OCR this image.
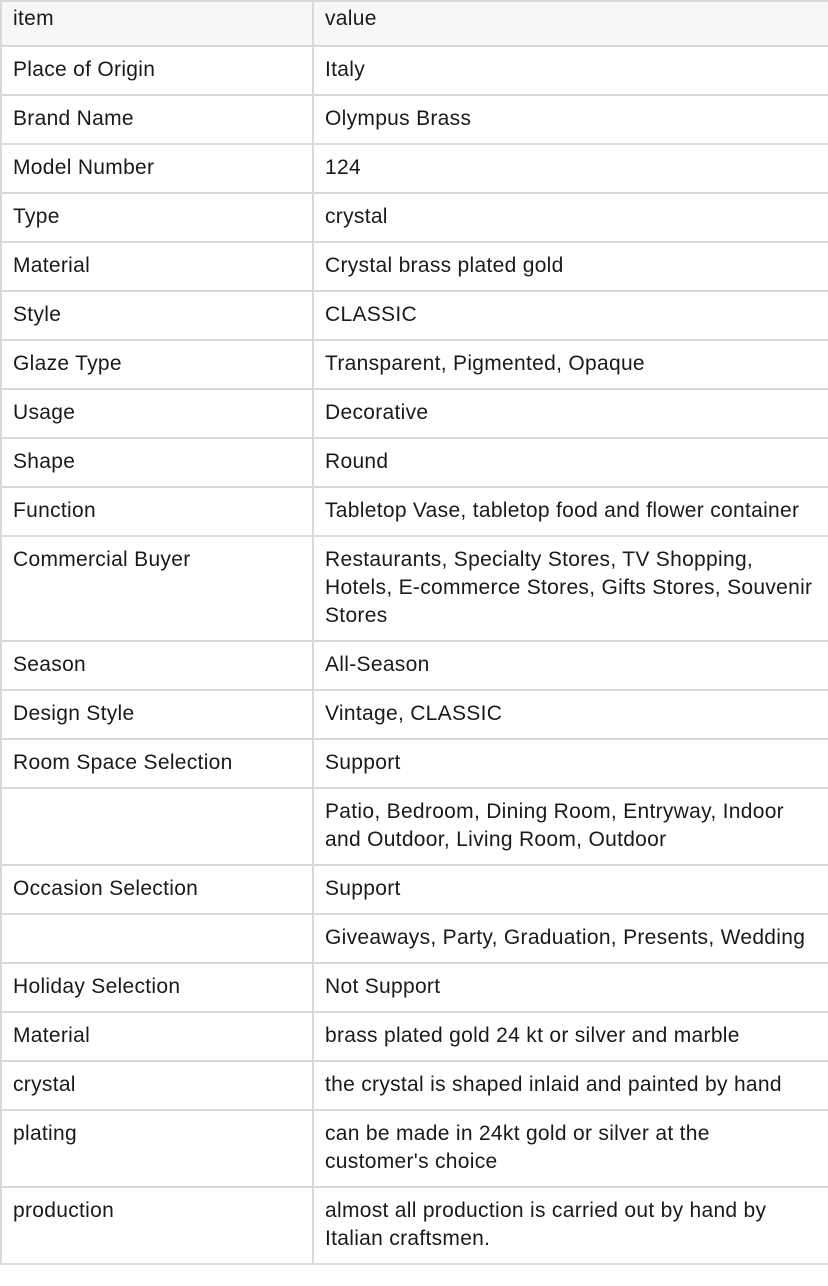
item	value
Place of Origin	Italy
Brand Name	Olympus Brass
Model Number	124
Type	crystal
Material	Crystal brass plated gold
Style	CLASSIC
Glaze Type	Transparent, Pigmented, Opaque
Usage	Decorative
Shape	Round
Function	Tabletop Vase, tabletop food and flower container
Commercial Buyer	Restaurants, Specialty Stores, TV Shopping, Hotels, E-commerce Stores, Gifts Stores, Souvenir Stores
Season	All-Season
Design Style	Vintage, CLASSIC
Room Space Selection	Support
	Patio, Bedroom, Dining Room, Entryway, Indoor and Outdoor, Living Room, Outdoor
Occasion Selection	Support
	Giveaways, Party, Graduation, Presents, Wedding
Holiday Selection	Not Support
Material	brass plated gold 24 kt or silver and marble
crystal	the crystal is shaped inlaid and painted by hand
plating	can be made in 24kt gold or silver at the customer's choice
production	almost all production is carried out by hand by Italian craftsmen.
